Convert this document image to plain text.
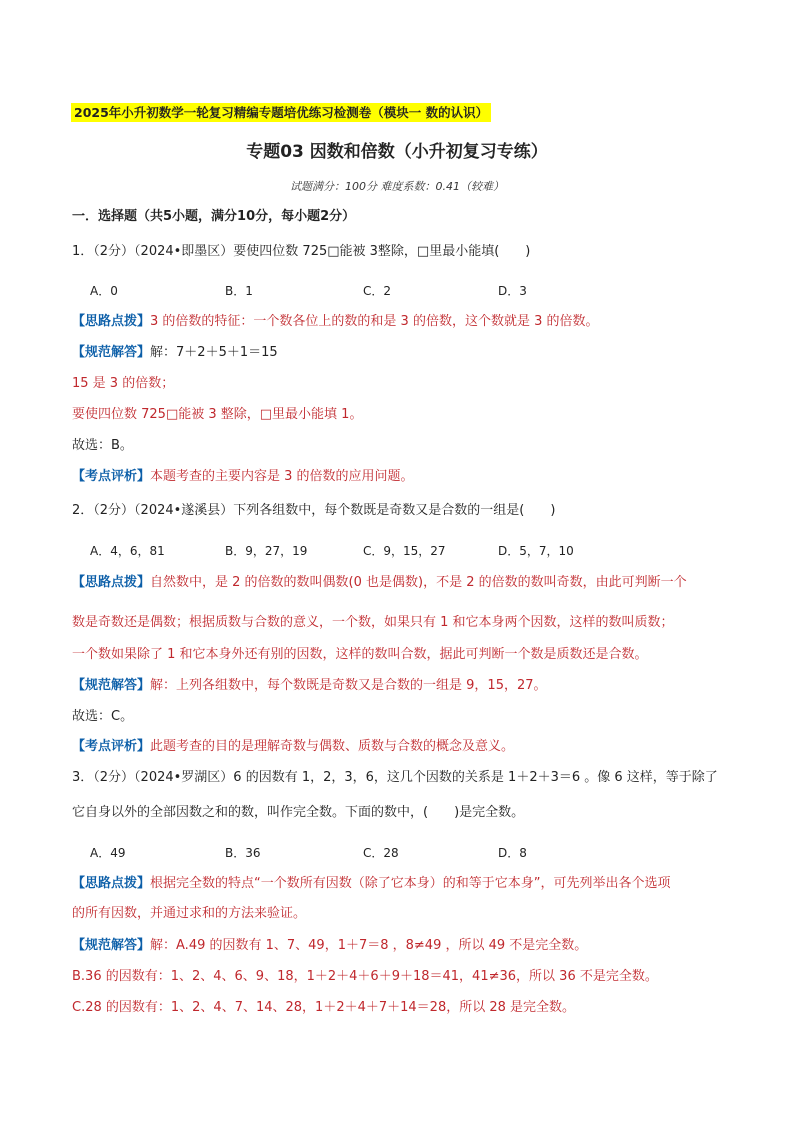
2025年小升初数学一轮复习精编专题培优练习检测卷（模块一 数的认识）
专题03 因数和倍数（小升初复习专练）
试题满分：100分 难度系数：0.41（较难）
一．选择题（共5小题，满分10分，每小题2分）
1．（2分）（2024•即墨区）要使四位数 725□能被 3整除，□里最小能填(　　)
A．0	B．1	C．2	D．3
【思路点拨】3 的倍数的特征：一个数各位上的数的和是 3 的倍数，这个数就是 3 的倍数。
【规范解答】解：7＋2＋5＋1＝15
15 是 3 的倍数；
要使四位数 725□能被 3 整除，□里最小能填 1。
故选：B。
【考点评析】本题考查的主要内容是 3 的倍数的应用问题。
2．（2分）（2024•遂溪县）下列各组数中，每个数既是奇数又是合数的一组是(　　)
A．4，6，81	B．9，27，19	C．9，15，27	D．5，7，10
【思路点拨】自然数中，是 2 的倍数的数叫偶数(0 也是偶数)，不是 2 的倍数的数叫奇数，由此可判断一个
数是奇数还是偶数；根据质数与合数的意义，一个数，如果只有 1 和它本身两个因数，这样的数叫质数；
一个数如果除了 1 和它本身外还有别的因数，这样的数叫合数，据此可判断一个数是质数还是合数。
【规范解答】解：上列各组数中，每个数既是奇数又是合数的一组是 9，15，27。
故选：C。
【考点评析】此题考查的目的是理解奇数与偶数、质数与合数的概念及意义。
3．（2分）（2024•罗湖区）6 的因数有 1，2，3，6，这几个因数的关系是 1＋2＋3＝6 。像 6 这样，等于除了
它自身以外的全部因数之和的数，叫作完全数。下面的数中，(　　)是完全数。
A．49	B．36	C．28	D．8
【思路点拨】根据完全数的特点“一个数所有因数（除了它本身）的和等于它本身”，可先列举出各个选项
的所有因数，并通过求和的方法来验证。
【规范解答】解：A.49 的因数有 1、7、49，1＋7＝8 ，8≠49 ，所以 49 不是完全数。
B.36 的因数有：1、2、4、6、9、18，1＋2＋4＋6＋9＋18＝41，41≠36，所以 36 不是完全数。
C.28 的因数有：1、2、4、7、14、28，1＋2＋4＋7＋14＝28，所以 28 是完全数。
